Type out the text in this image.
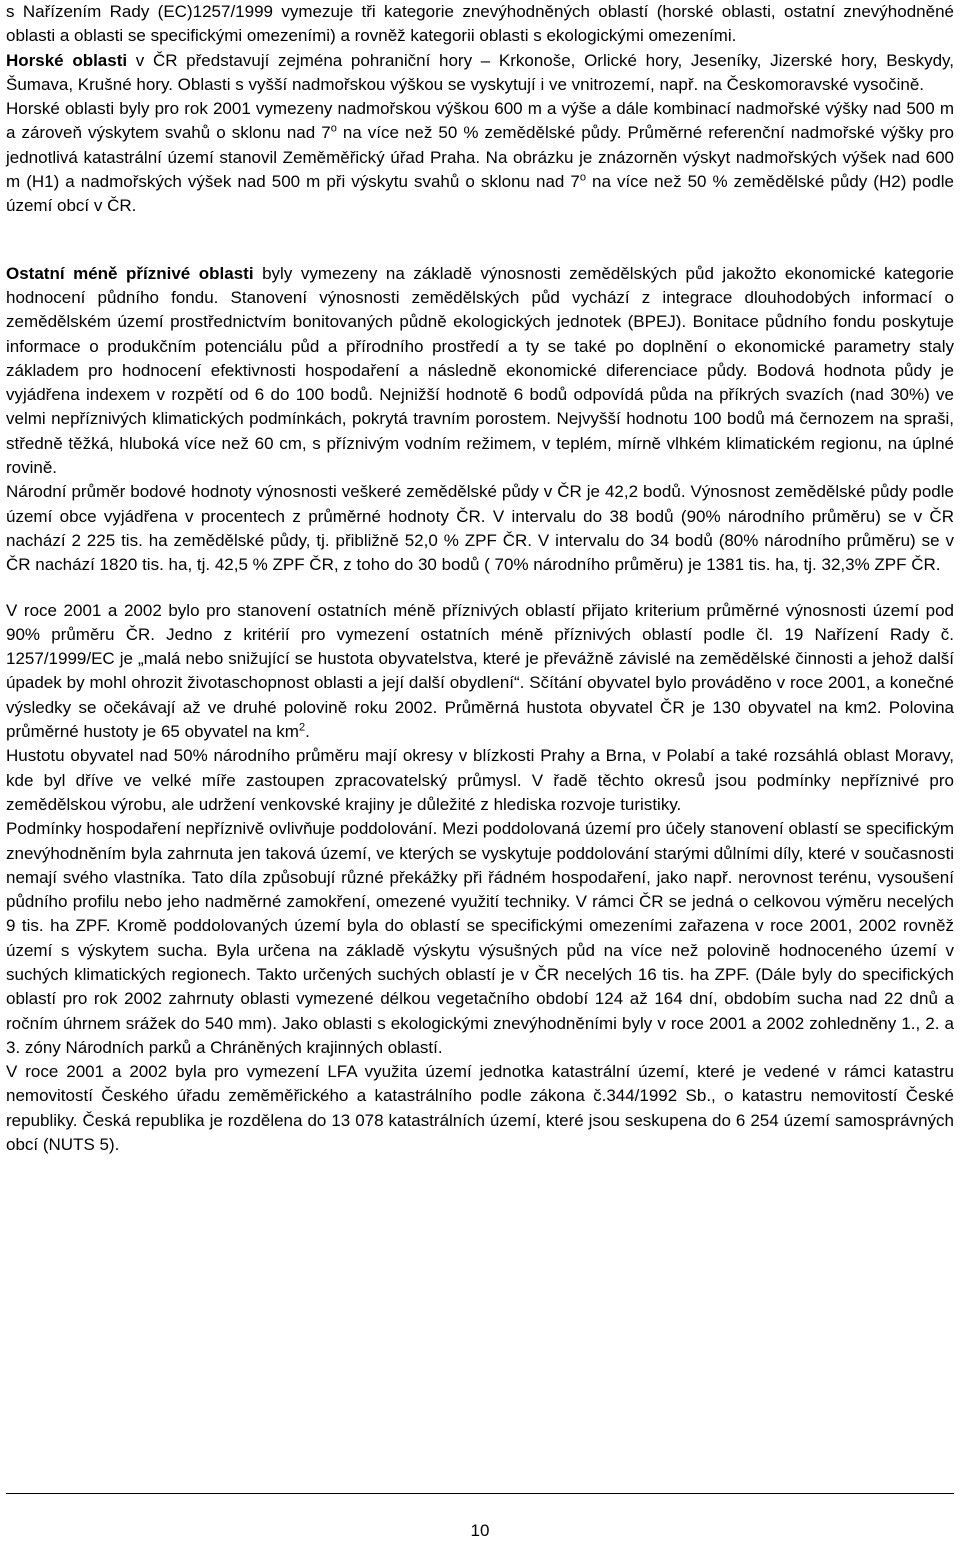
s Nařízením Rady (EC)1257/1999 vymezuje tři kategorie znevýhodněných oblastí (horské oblasti, ostatní znevýhodněné oblasti a oblasti se specifickými omezeními) a rovněž kategorii oblasti s ekologickými omezeními.

Horské oblasti v ČR představují zejména pohraniční hory – Krkonoše, Orlické hory, Jeseníky, Jizerské hory, Beskydy, Šumava, Krušné hory. Oblasti s vyšší nadmořskou výškou se vyskytují i ve vnitrozemí, např. na Českomoravské vysočině.

Horské oblasti byly pro rok 2001 vymezeny nadmořskou výškou 600 m a výše a dále kombinací nadmořské výšky nad 500 m a zároveň výskytem svahů o sklonu nad 7$^o$ na více než 50 % zemědělské půdy. Průměrné referenční nadmořské výšky pro jednotlivá katastrální území stanovil Zeměměřický úřad Praha. Na obrázku je znázorněn výskyt nadmořských výšek nad 600 m (H1) a nadmořských výšek nad 500 m při výskytu svahů o sklonu nad 7$^o$ na více než 50 % zemědělské půdy (H2) podle území obcí v ČR.

Ostatní méně příznivé oblasti byly vymezeny na základě výnosnosti zemědělských půd jakožto ekonomické kategorie hodnocení půdního fondu. Stanovení výnosnosti zemědělských půd vychází z integrace dlouhodobých informací o zemědělském území prostřednictvím bonitovaných půdně ekologických jednotek (BPEJ). Bonitace půdního fondu poskytuje informace o produkčním potenciálu půd a přírodního prostředí a ty se také po doplnění o ekonomické parametry staly základem pro hodnocení efektivnosti hospodaření a následně ekonomické diferenciace půdy. Bodová hodnota půdy je vyjádřena indexem v rozpětí od 6 do 100 bodů. Nejnižší hodnotě 6 bodů odpovídá půda na příkrých svazích (nad 30%) ve velmi nepříznivých klimatických podmínkách, pokrytá travním porostem. Nejvyšší hodnotu 100 bodů má černozem na spraši, středně těžká, hluboká více než 60 cm, s příznivým vodním režimem, v teplém, mírně vlhkém klimatickém regionu, na úplné rovině.

Národní průměr bodové hodnoty výnosnosti veškeré zemědělské půdy v ČR je 42,2 bodů. Výnosnost zemědělské půdy podle území obce vyjádřena v procentech z průměrné hodnoty ČR. V intervalu do 38 bodů (90% národního průměru) se v ČR nachází 2 225 tis. ha zemědělské půdy, tj. přibližně 52,0 % ZPF ČR. V intervalu do 34 bodů (80% národního průměru) se v ČR nachází 1820 tis. ha, tj. 42,5 % ZPF ČR, z toho do 30 bodů ( 70% národního průměru) je 1381 tis. ha, tj. 32,3% ZPF ČR.

V roce 2001 a 2002 bylo pro stanovení ostatních méně příznivých oblastí přijato kriterium průměrné výnosnosti území pod 90% průměru ČR. Jedno z kritérií pro vymezení ostatních méně příznivých oblastí podle čl. 19 Nařízení Rady č. 1257/1999/EC je „malá nebo snižující se hustota obyvatelstva, které je převážně závislé na zemědělské činnosti a jehož další úpadek by mohl ohrozit životaschopnost oblasti a její další obydlení“. Sčítání obyvatel bylo prováděno v roce 2001, a konečné výsledky se očekávají až ve druhé polovině roku 2002. Průměrná hustota obyvatel ČR je 130 obyvatel na km2. Polovina průměrné hustoty je 65 obyvatel na $km^2$.

Hustotu obyvatel nad 50% národního průměru mají okresy v blízkosti Prahy a Brna, v Polabí a také rozsáhlá oblast Moravy, kde byl dříve ve velké míře zastoupen zpracovatelský průmysl. V řadě těchto okresů jsou podmínky nepříznivé pro zemědělskou výrobu, ale udržení venkovské krajiny je důležité z hlediska rozvoje turistiky.

Podmínky hospodaření nepříznivě ovlivňuje poddolování. Mezi poddolovaná území pro účely stanovení oblastí se specifickým znevýhodněním byla zahrnuta jen taková území, ve kterých se vyskytuje poddolování starými důlními díly, které v současnosti nemají svého vlastníka. Tato díla způsobují různé překážky při řádném hospodaření, jako např. nerovnost terénu, vysoušení půdního profilu nebo jeho nadměrné zamokření, omezené využití techniky. V rámci ČR se jedná o celkovou výměru necelých 9 tis. ha ZPF. Kromě poddolovaných území byla do oblastí se specifickými omezeními zařazena v roce 2001, 2002 rovněž území s výskytem sucha. Byla určena na základě výskytu výsušných půd na více než polovině hodnoceného území v suchých klimatických regionech. Takto určených suchých oblastí je v ČR necelých 16 tis. ha ZPF. (Dále byly do specifických oblastí pro rok 2002 zahrnuty oblasti vymezené délkou vegetačního období 124 až 164 dní, obdobím sucha nad 22 dnů a ročním úhrnem srážek do 540 mm). Jako oblasti s ekologickými znevýhodněními byly v roce 2001 a 2002 zohledněny 1., 2. a 3. zóny Národních parků a Chráněných krajinných oblastí.

V roce 2001 a 2002 byla pro vymezení LFA využita území jednotka katastrální území, které je vedené v rámci katastru nemovitostí Českého úřadu zeměměřického a katastrálního podle zákona č.344/1992 Sb., o katastru nemovitostí České republiky. Česká republika je rozdělena do 13 078 katastrálních území, které jsou seskupena do 6 254 území samosprávných obcí (NUTS 5).

10
